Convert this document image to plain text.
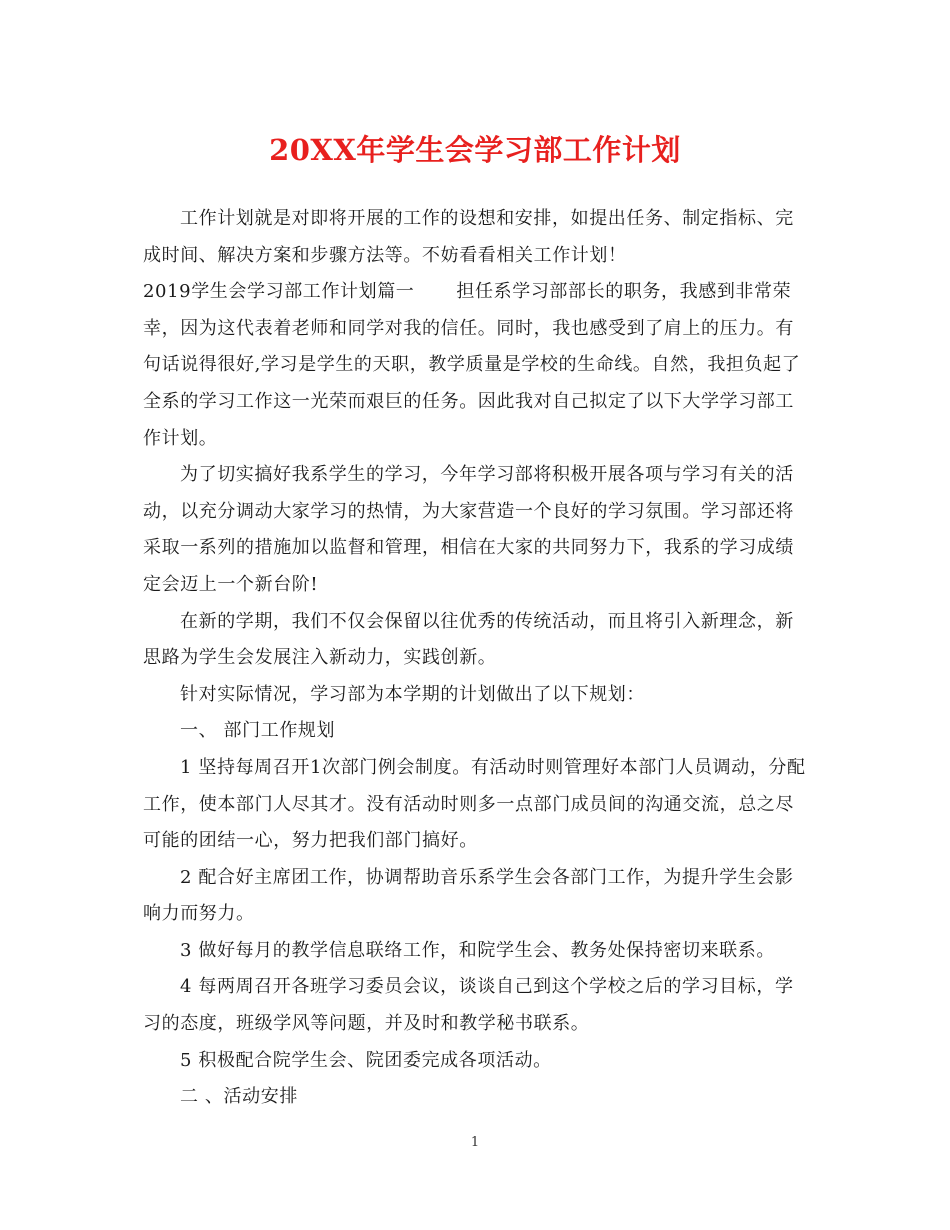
20XX年学生会学习部工作计划
工作计划就是对即将开展的工作的设想和安排，如提出任务、制定指标、完
成时间、解决方案和步骤方法等。不妨看看相关工作计划！
2019学生会学习部工作计划篇一 担任系学习部部长的职务，我感到非常荣
幸，因为这代表着老师和同学对我的信任。同时，我也感受到了肩上的压力。有
句话说得很好,学习是学生的天职，教学质量是学校的生命线。自然，我担负起了
全系的学习工作这一光荣而艰巨的任务。因此我对自己拟定了以下大学学习部工
作计划。
为了切实搞好我系学生的学习，今年学习部将积极开展各项与学习有关的活
动，以充分调动大家学习的热情，为大家营造一个良好的学习氛围。学习部还将
采取一系列的措施加以监督和管理，相信在大家的共同努力下，我系的学习成绩
定会迈上一个新台阶!
在新的学期，我们不仅会保留以往优秀的传统活动，而且将引入新理念，新
思路为学生会发展注入新动力，实践创新。
针对实际情况，学习部为本学期的计划做出了以下规划：
一、 部门工作规划
1 坚持每周召开1次部门例会制度。有活动时则管理好本部门人员调动，分配
工作，使本部门人尽其才。没有活动时则多一点部门成员间的沟通交流，总之尽
可能的团结一心，努力把我们部门搞好。
2 配合好主席团工作，协调帮助音乐系学生会各部门工作，为提升学生会影
响力而努力。
3 做好每月的教学信息联络工作，和院学生会、教务处保持密切来联系。
4 每两周召开各班学习委员会议，谈谈自己到这个学校之后的学习目标，学
习的态度，班级学风等问题，并及时和教学秘书联系。
5 积极配合院学生会、院团委完成各项活动。
二 、活动安排
1
